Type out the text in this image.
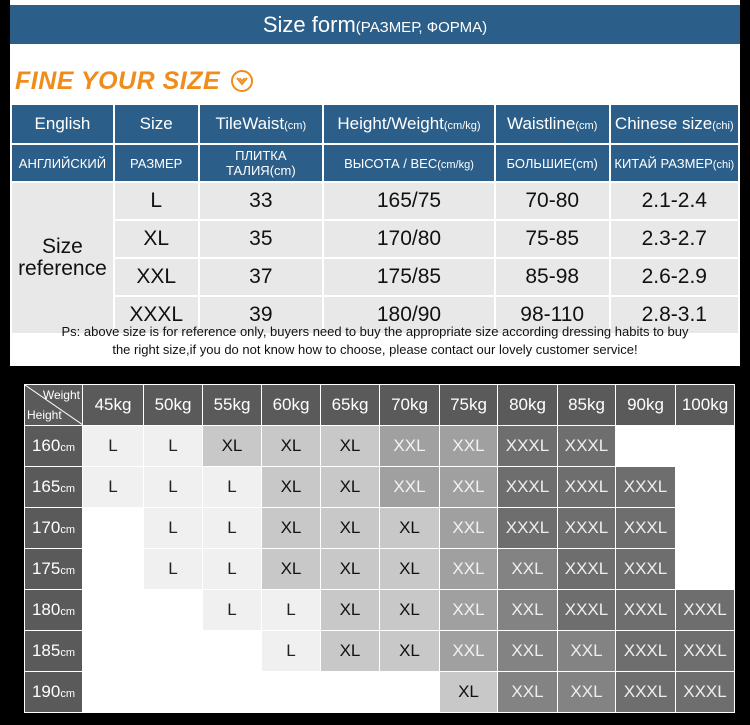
Size form(РАЗМЕР, ФОРМА)
FINE YOUR SIZE
English	Size	TileWaist(cm)	Height/Weight(cm/kg)	Waistline(cm)	Chinese size(chi)
АНГЛИЙСКИЙ	РАЗМЕР	ПЛИТКА ТАЛИЯ(cm)	ВЫСОТА / ВЕС(cm/kg)	БОЛЬШИЕ(cm)	КИТАЙ РАЗМЕР(chi)
Size
reference	L	33	165/75	70-80	2.1-2.4
	XL	35	170/80	75-85	2.3-2.7
	XXL	37	175/85	85-98	2.6-2.9
	XXXL	39	180/90	98-110	2.8-3.1
Ps: above size is for reference only, buyers need to buy the appropriate size according dressing habits to buy
the right size,if you do not know how to choose, please contact our lovely customer service!
Weight
Height	45kg	50kg	55kg	60kg	65kg	70kg	75kg	80kg	85kg	90kg	100kg
160cm	L	L	XL	XL	XL	XXL	XXL	XXXL	XXXL		
165cm	L	L	L	XL	XL	XXL	XXL	XXXL	XXXL	XXXL	
170cm		L	L	XL	XL	XL	XXL	XXXL	XXXL	XXXL	
175cm		L	L	XL	XL	XL	XXL	XXL	XXXL	XXXL	
180cm			L	L	XL	XL	XXL	XXL	XXXL	XXXL	XXXL
185cm				L	XL	XL	XXL	XXL	XXL	XXXL	XXXL
190cm							XL	XXL	XXL	XXXL	XXXL
